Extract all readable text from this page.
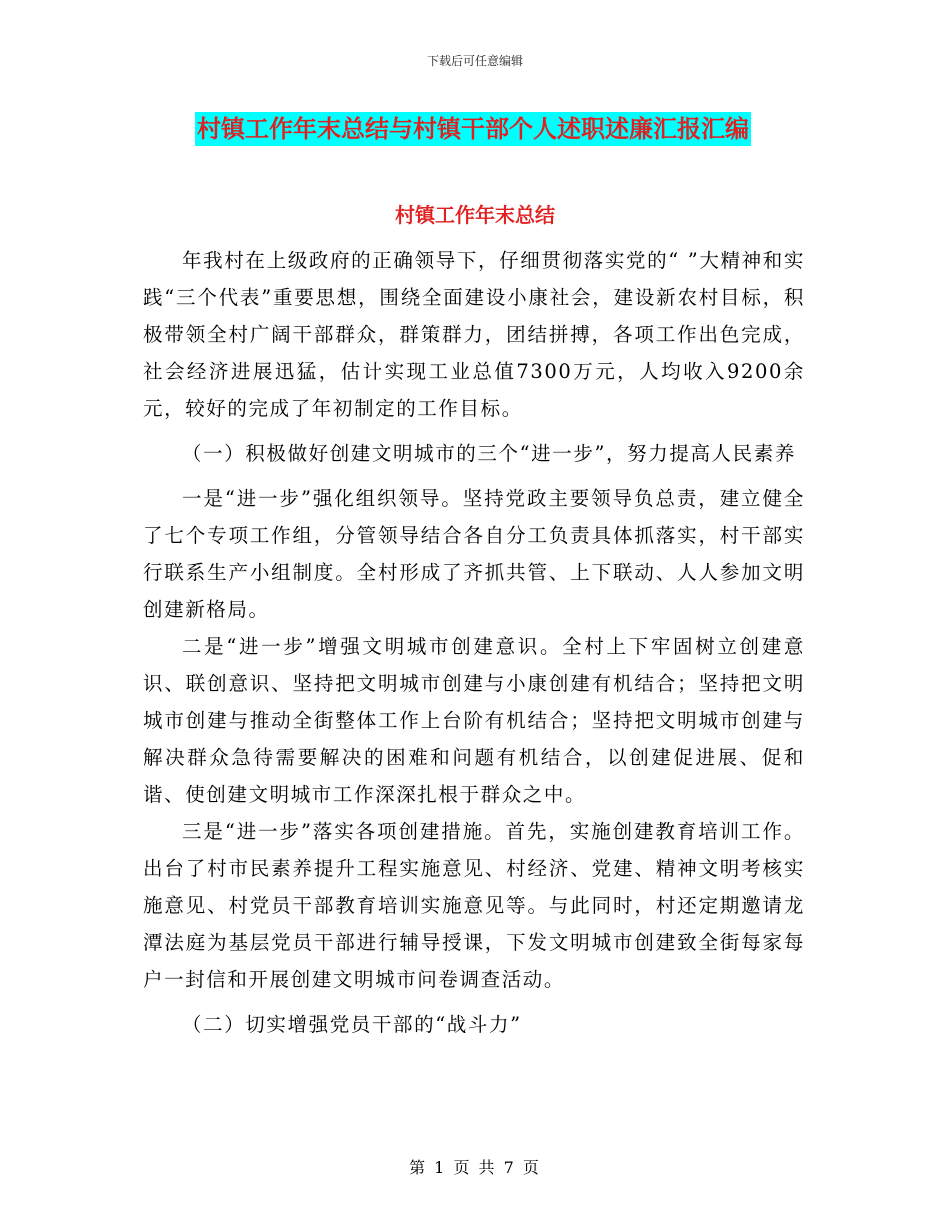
下载后可任意编辑
村镇工作年末总结与村镇干部个人述职述廉汇报汇编
村镇工作年末总结

年我村在上级政府的正确领导下，仔细贯彻落实党的“ ”大精神和实践“三个代表”重要思想，围绕全面建设小康社会，建设新农村目标，积极带领全村广阔干部群众，群策群力，团结拼搏，各项工作出色完成，社会经济进展迅猛，估计实现工业总值7300万元，人均收入9200余元，较好的完成了年初制定的工作目标。

（一）积极做好创建文明城市的三个“进一步”，努力提高人民素养

一是“进一步”强化组织领导。坚持党政主要领导负总责，建立健全了七个专项工作组，分管领导结合各自分工负责具体抓落实，村干部实行联系生产小组制度。全村形成了齐抓共管、上下联动、人人参加文明创建新格局。

二是“进一步”增强文明城市创建意识。全村上下牢固树立创建意识、联创意识、坚持把文明城市创建与小康创建有机结合；坚持把文明城市创建与推动全街整体工作上台阶有机结合；坚持把文明城市创建与解决群众急待需要解决的困难和问题有机结合，以创建促进展、促和谐、使创建文明城市工作深深扎根于群众之中。

三是“进一步”落实各项创建措施。首先，实施创建教育培训工作。出台了村市民素养提升工程实施意见、村经济、党建、精神文明考核实施意见、村党员干部教育培训实施意见等。与此同时，村还定期邀请龙潭法庭为基层党员干部进行辅导授课，下发文明城市创建致全街每家每户一封信和开展创建文明城市问卷调查活动。

（二）切实增强党员干部的“战斗力”

第 1 页 共 7 页
